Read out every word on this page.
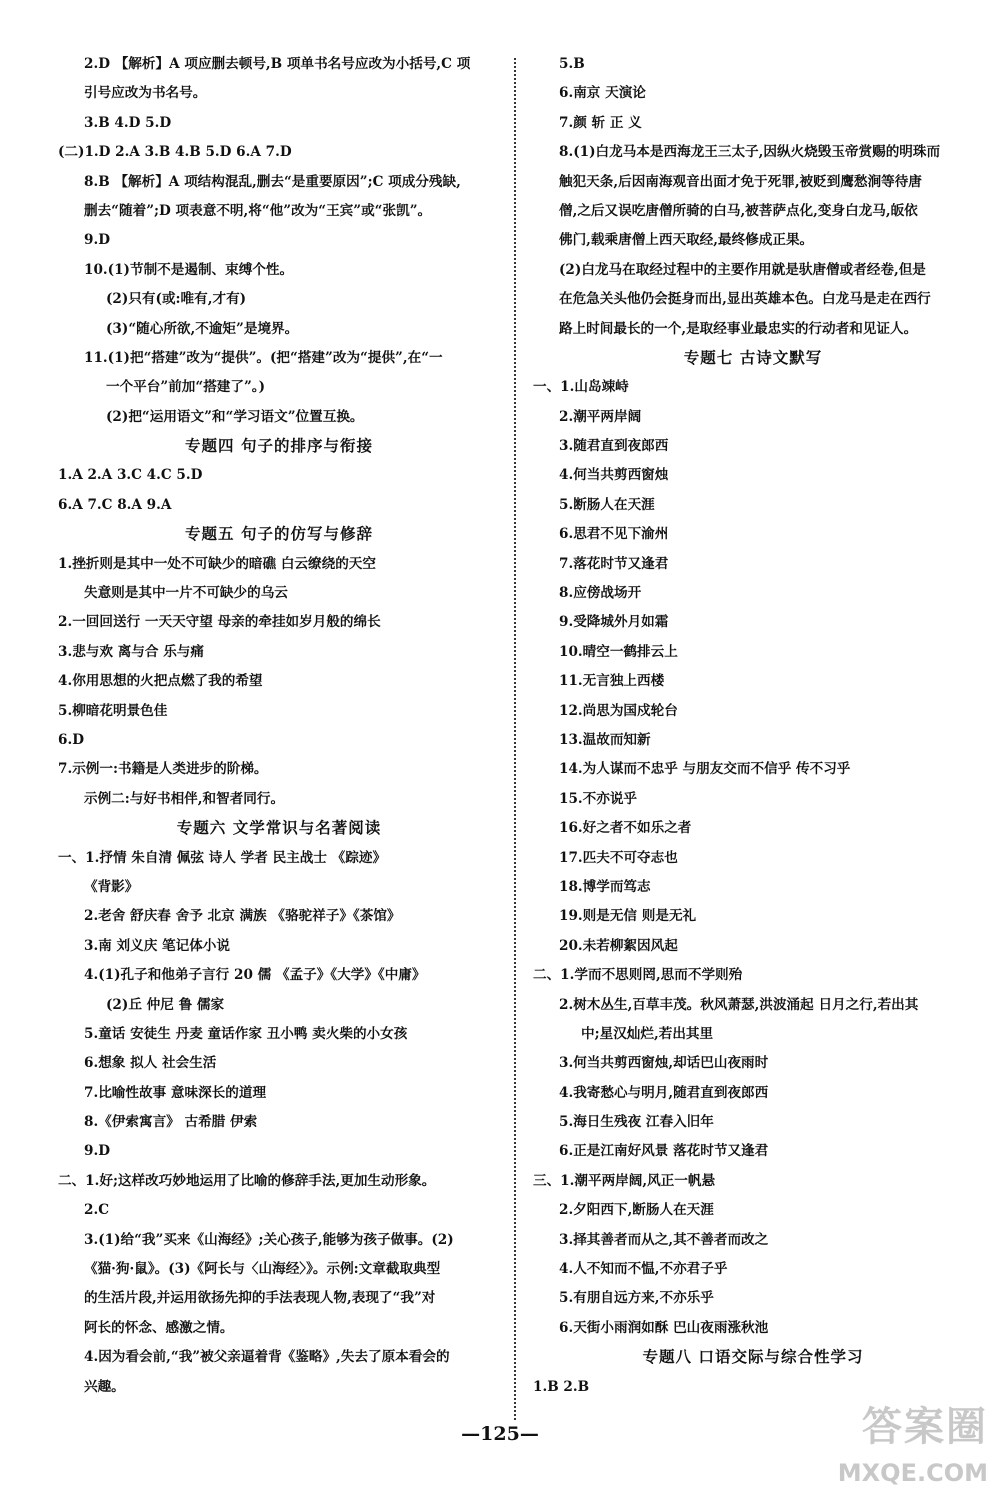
2.D 【解析】A 项应删去顿号,B 项单书名号应改为小括号,C 项
引号应改为书名号。
3.B 4.D 5.D
(二)1.D 2.A 3.B 4.B 5.D 6.A 7.D
8.B 【解析】A 项结构混乱,删去“是重要原因”;C 项成分残缺,
删去“随着”;D 项表意不明,将“他”改为“王宾”或“张凯”。
9.D
10.(1)节制不是遏制、束缚个性。
(2)只有(或:唯有,才有)
(3)“随心所欲,不逾矩”是境界。
11.(1)把“搭建”改为“提供”。(把“搭建”改为“提供”,在“一
一个平台”前加“搭建了”。)
(2)把“运用语文”和“学习语文”位置互换。
专题四 句子的排序与衔接
1.A 2.A 3.C 4.C 5.D
6.A 7.C 8.A 9.A
专题五 句子的仿写与修辞
1.挫折则是其中一处不可缺少的暗礁 白云缭绕的天空
失意则是其中一片不可缺少的乌云
2.一回回送行 一天天守望 母亲的牵挂如岁月般的绵长
3.悲与欢 离与合 乐与痛
4.你用思想的火把点燃了我的希望
5.柳暗花明景色佳
6.D
7.示例一:书籍是人类进步的阶梯。
示例二:与好书相伴,和智者同行。
专题六 文学常识与名著阅读
一、1.抒情 朱自清 佩弦 诗人 学者 民主战士 《踪迹》
《背影》
2.老舍 舒庆春 舍予 北京 满族 《骆驼祥子》《茶馆》
3.南 刘义庆 笔记体小说
4.(1)孔子和他弟子言行 20 儒 《孟子》《大学》《中庸》
(2)丘 仲尼 鲁 儒家
5.童话 安徒生 丹麦 童话作家 丑小鸭 卖火柴的小女孩
6.想象 拟人 社会生活
7.比喻性故事 意味深长的道理
8.《伊索寓言》 古希腊 伊索
9.D
二、1.好;这样改巧妙地运用了比喻的修辞手法,更加生动形象。
2.C
3.(1)给“我”买来《山海经》;关心孩子,能够为孩子做事。(2)
《猫·狗·鼠》。(3)《阿长与〈山海经〉》。示例:文章截取典型
的生活片段,并运用欲扬先抑的手法表现人物,表现了“我”对
阿长的怀念、感激之情。
4.因为看会前,“我”被父亲逼着背《鉴略》,失去了原本看会的
兴趣。
5.B
6.南京 天演论
7.颜 斩 正 义
8.(1)白龙马本是西海龙王三太子,因纵火烧毁玉帝赏赐的明珠而
触犯天条,后因南海观音出面才免于死罪,被贬到鹰愁涧等待唐
僧,之后又误吃唐僧所骑的白马,被菩萨点化,变身白龙马,皈依
佛门,载乘唐僧上西天取经,最终修成正果。
(2)白龙马在取经过程中的主要作用就是驮唐僧或者经卷,但是
在危急关头他仍会挺身而出,显出英雄本色。白龙马是走在西行
路上时间最长的一个,是取经事业最忠实的行动者和见证人。
专题七 古诗文默写
一、1.山岛竦峙
2.潮平两岸阔
3.随君直到夜郎西
4.何当共剪西窗烛
5.断肠人在天涯
6.思君不见下渝州
7.落花时节又逢君
8.应傍战场开
9.受降城外月如霜
10.晴空一鹤排云上
11.无言独上西楼
12.尚思为国戍轮台
13.温故而知新
14.为人谋而不忠乎 与朋友交而不信乎 传不习乎
15.不亦说乎
16.好之者不如乐之者
17.匹夫不可夺志也
18.博学而笃志
19.则是无信 则是无礼
20.未若柳絮因风起
二、1.学而不思则罔,思而不学则殆
2.树木丛生,百草丰茂。秋风萧瑟,洪波涌起 日月之行,若出其
中;星汉灿烂,若出其里
3.何当共剪西窗烛,却话巴山夜雨时
4.我寄愁心与明月,随君直到夜郎西
5.海日生残夜 江春入旧年
6.正是江南好风景 落花时节又逢君
三、1.潮平两岸阔,风正一帆悬
2.夕阳西下,断肠人在天涯
3.择其善者而从之,其不善者而改之
4.人不知而不愠,不亦君子乎
5.有朋自远方来,不亦乐乎
6.天街小雨润如酥 巴山夜雨涨秋池
专题八 口语交际与综合性学习
1.B 2.B
—125—	答案圈
MXQE.COM
